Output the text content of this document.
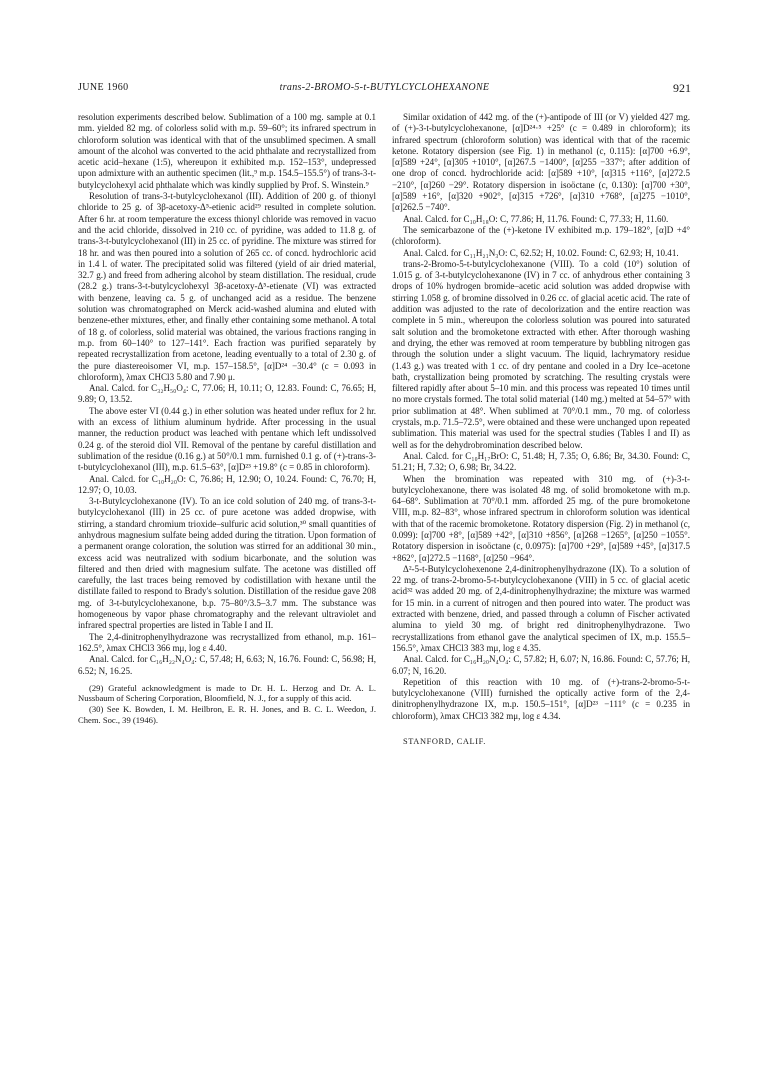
JUNE 1960	trans-2-BROMO-5-t-BUTYLCYCLOHEXANONE	921

resolution experiments described below. Sublimation of a 100 mg. sample at 0.1 mm. yielded 82 mg. of colorless solid with m.p. 59–60°; its infrared spectrum in chloroform solution was identical with that of the unsublimed specimen. A small amount of the alcohol was converted to the acid phthalate and recrystallized from acetic acid–hexane (1:5), whereupon it exhibited m.p. 152–153°, undepressed upon admixture with an authentic specimen (lit.,⁹ m.p. 154.5–155.5°) of trans-3-t-butylcyclohexyl acid phthalate which was kindly supplied by Prof. S. Winstein.⁹

Resolution of trans-3-t-butylcyclohexanol (III). Addition of 200 g. of thionyl chloride to 25 g. of 3β-acetoxy-Δ⁵-etienic acid²⁹ resulted in complete solution. After 6 hr. at room temperature the excess thionyl chloride was removed in vacuo and the acid chloride, dissolved in 210 cc. of pyridine, was added to 11.8 g. of trans-3-t-butylcyclohexanol (III) in 25 cc. of pyridine. The mixture was stirred for 18 hr. and was then poured into a solution of 265 cc. of concd. hydrochloric acid in 1.4 l. of water. The precipitated solid was filtered (yield of air dried material, 32.7 g.) and freed from adhering alcohol by steam distillation. The residual, crude (28.2 g.) trans-3-t-butylcyclohexyl 3β-acetoxy-Δ⁵-etienate (VI) was extracted with benzene, leaving ca. 5 g. of unchanged acid as a residue. The benzene solution was chromatographed on Merck acid-washed alumina and eluted with benzene-ether mixtures, ether, and finally ether containing some methanol. A total of 18 g. of colorless, solid material was obtained, the various fractions ranging in m.p. from 60–140° to 127–141°. Each fraction was purified separately by repeated recrystallization from acetone, leading eventually to a total of 2.30 g. of the pure diastereoisomer VI, m.p. 157–158.5°, [α]D²⁴ −30.4° (c = 0.093 in chloroform), λmax CHCl3 5.80 and 7.90 μ.

Anal. Calcd. for C₃₂H₅₀O₄: C, 77.06; H, 10.11; O, 12.83. Found: C, 76.65; H, 9.89; O, 13.52.

The above ester VI (0.44 g.) in ether solution was heated under reflux for 2 hr. with an excess of lithium aluminum hydride. After processing in the usual manner, the reduction product was leached with pentane which left undissolved 0.24 g. of the steroid diol VII. Removal of the pentane by careful distillation and sublimation of the residue (0.16 g.) at 50°/0.1 mm. furnished 0.1 g. of (+)-trans-3-t-butylcyclohexanol (III), m.p. 61.5–63°, [α]D²³ +19.8° (c = 0.85 in chloroform).

Anal. Calcd. for C₁₀H₂₀O: C, 76.86; H, 12.90; O, 10.24. Found: C, 76.70; H, 12.97; O, 10.03.

3-t-Butylcyclohexanone (IV). To an ice cold solution of 240 mg. of trans-3-t-butylcyclohexanol (III) in 25 cc. of pure acetone was added dropwise, with stirring, a standard chromium trioxide–sulfuric acid solution,³⁰ small quantities of anhydrous magnesium sulfate being added during the titration. Upon formation of a permanent orange coloration, the solution was stirred for an additional 30 min., excess acid was neutralized with sodium bicarbonate, and the solution was filtered and then dried with magnesium sulfate. The acetone was distilled off carefully, the last traces being removed by codistillation with hexane until the distillate failed to respond to Brady's solution. Distillation of the residue gave 208 mg. of 3-t-butylcyclohexanone, b.p. 75–80°/3.5–3.7 mm. The substance was homogeneous by vapor phase chromatography and the relevant ultraviolet and infrared spectral properties are listed in Table I and II.

The 2,4-dinitrophenylhydrazone was recrystallized from ethanol, m.p. 161–162.5°, λmax CHCl3 366 mμ, log ε 4.40.

Anal. Calcd. for C₁₆H₂₂N₄O₄: C, 57.48; H, 6.63; N, 16.76. Found: C, 56.98; H, 6.52; N, 16.25.

(29) Grateful acknowledgment is made to Dr. H. L. Herzog and Dr. A. L. Nussbaum of Schering Corporation, Bloomfield, N. J., for a supply of this acid.

(30) See K. Bowden, I. M. Heilbron, E. R. H. Jones, and B. C. L. Weedon, J. Chem. Soc., 39 (1946).

Similar oxidation of 442 mg. of the (+)-antipode of III (or V) yielded 427 mg. of (+)-3-t-butylcyclohexanone, [α]D²⁴·⁵ +25° (c = 0.489 in chloroform); its infrared spectrum (chloroform solution) was identical with that of the racemic ketone. Rotatory dispersion (see Fig. 1) in methanol (c, 0.115): [α]700 +6.9°, [α]589 +24°, [α]305 +1010°, [α]267.5 −1400°, [α]255 −337°; after addition of one drop of concd. hydrochloride acid: [α]589 +10°, [α]315 +116°, [α]272.5 −210°, [α]260 −29°. Rotatory dispersion in isoöctane (c, 0.130): [α]700 +30°, [α]589 +16°, [α]320 +902°, [α]315 +726°, [α]310 +768°, [α]275 −1010°, [α]262.5 −740°.

Anal. Calcd. for C₁₀H₁₈O: C, 77.86; H, 11.76. Found: C, 77.33; H, 11.60.

The semicarbazone of the (+)-ketone IV exhibited m.p. 179–182°, [α]D +4° (chloroform).

Anal. Calcd. for C₁₁H₂₁N₃O: C, 62.52; H, 10.02. Found: C, 62.93; H, 10.41.

trans-2-Bromo-5-t-butylcyclohexanone (VIII). To a cold (10°) solution of 1.015 g. of 3-t-butylcyclohexanone (IV) in 7 cc. of anhydrous ether containing 3 drops of 10% hydrogen bromide–acetic acid solution was added dropwise with stirring 1.058 g. of bromine dissolved in 0.26 cc. of glacial acetic acid. The rate of addition was adjusted to the rate of decolorization and the entire reaction was complete in 5 min., whereupon the colorless solution was poured into saturated salt solution and the bromoketone extracted with ether. After thorough washing and drying, the ether was removed at room temperature by bubbling nitrogen gas through the solution under a slight vacuum. The liquid, lachrymatory residue (1.43 g.) was treated with 1 cc. of dry pentane and cooled in a Dry Ice–acetone bath, crystallization being promoted by scratching. The resulting crystals were filtered rapidly after about 5–10 min. and this process was repeated 10 times until no more crystals formed. The total solid material (140 mg.) melted at 54–57° with prior sublimation at 48°. When sublimed at 70°/0.1 mm., 70 mg. of colorless crystals, m.p. 71.5–72.5°, were obtained and these were unchanged upon repeated sublimation. This material was used for the spectral studies (Tables I and II) as well as for the dehydrobromination described below.

Anal. Calcd. for C₁₀H₁₇BrO: C, 51.48; H, 7.35; O, 6.86; Br, 34.30. Found: C, 51.21; H, 7.32; O, 6.98; Br, 34.22.

When the bromination was repeated with 310 mg. of (+)-3-t-butylcyclohexanone, there was isolated 48 mg. of solid bromoketone with m.p. 64–68°. Sublimation at 70°/0.1 mm. afforded 25 mg. of the pure bromoketone VIII, m.p. 82–83°, whose infrared spectrum in chloroform solution was identical with that of the racemic bromoketone. Rotatory dispersion (Fig. 2) in methanol (c, 0.099): [α]700 +8°, [α]589 +42°, [α]310 +856°, [α]268 −1265°, [α]250 −1055°. Rotatory dispersion in isoöctane (c, 0.0975): [α]700 +29°, [α]589 +45°, [α]317.5 +862°, [α]272.5 −1168°, [α]250 −964°.

Δ²-5-t-Butylcyclohexenone 2,4-dinitrophenylhydrazone (IX). To a solution of 22 mg. of trans-2-bromo-5-t-butylcyclohexanone (VIII) in 5 cc. of glacial acetic acid³² was added 20 mg. of 2,4-dinitrophenylhydrazine; the mixture was warmed for 15 min. in a current of nitrogen and then poured into water. The product was extracted with benzene, dried, and passed through a column of Fischer activated alumina to yield 30 mg. of bright red dinitrophenylhydrazone. Two recrystallizations from ethanol gave the analytical specimen of IX, m.p. 155.5–156.5°, λmax CHCl3 383 mμ, log ε 4.35.

Anal. Calcd. for C₁₆H₂₀N₄O₄: C, 57.82; H, 6.07; N, 16.86. Found: C, 57.76; H, 6.07; N, 16.20.

Repetition of this reaction with 10 mg. of (+)-trans-2-bromo-5-t-butylcyclohexanone (VIII) furnished the optically active form of the 2,4-dinitrophenylhydrazone IX, m.p. 150.5–151°, [α]D²³ −111° (c = 0.235 in chloroform), λmax CHCl3 382 mμ, log ε 4.34.

STANFORD, CALIF.
